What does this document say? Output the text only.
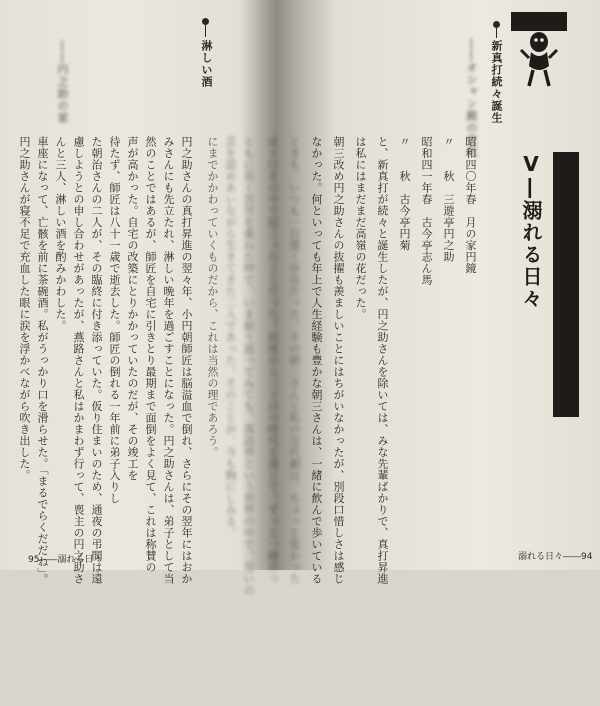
Ⅴ―溺れる日々
新真打続々誕生
――オシャン殿の交代
昭和四〇年春　月の家円鏡
〃　　秋　三遊亭円之助
昭和四一年春　古今亭志ん馬
〃　　秋　古今亭円菊
と、新真打が続々と誕生したが、円之助さんを除いては、みな先輩ばかりで、真打昇進
は私にはまだまだ高嶺の花だった。
朝三改め円之助さんの抜擢も羨ましいことにはちがいなかったが、別段口惜しさは感じ
なかった。何といっても年上で人生経験も豊かな朝三さんは、一緒に飲んで歩いている
ときも、いつも一目置く存在だった。その朝三さんと私の交代劇は、ちょっと変わった
成り行きの中で起こったことだった。前座から二ツ目の時代を通じて、ずっと一緒だっ	溺れる日々――94
淋しい酒
――円之助の家
ともに長く苦労を重ねた仲で、いま振り返ってみても、落語界という世界の中で、互いの
芸を認めあいながら生きてきた二人であった。そのことが、今も胸にしみる。
にまでかかわっていくものだから、これは当然の理であろう。
円之助さんの真打昇進の翌々年、小円朝師匠は脳溢血で倒れ、さらにその翌年にはおか
みさんにも先立たれ、淋しい晩年を過ごすことになった。円之助さんは、弟子として当
然のことではあるが、師匠を自宅に引きとり最期まで面倒をよく見て、これは称賛の
声が高かった。自宅の改築にとりかかっていたのだが、その竣工を
待たず、師匠は八十一歳で逝去した。師匠の倒れる一年前に弟子入りし
た朝治さんの二人が、その臨終に付き添っていた。仮り住まいのため、通夜の弔問は遠
慮しようとの申し合わせがあったが、燕路さんと私はかまわず行って、喪主の円之助さ
んと三人、淋しい酒を酌みかわした。
車座になって、亡骸を前に茶碗酒。私がうっかり口を滑らせた。「まるでらくだだね」。
円之助さんが寝不足で充血した眼に涙を浮かべながら吹き出した。
95――溺れる日々
